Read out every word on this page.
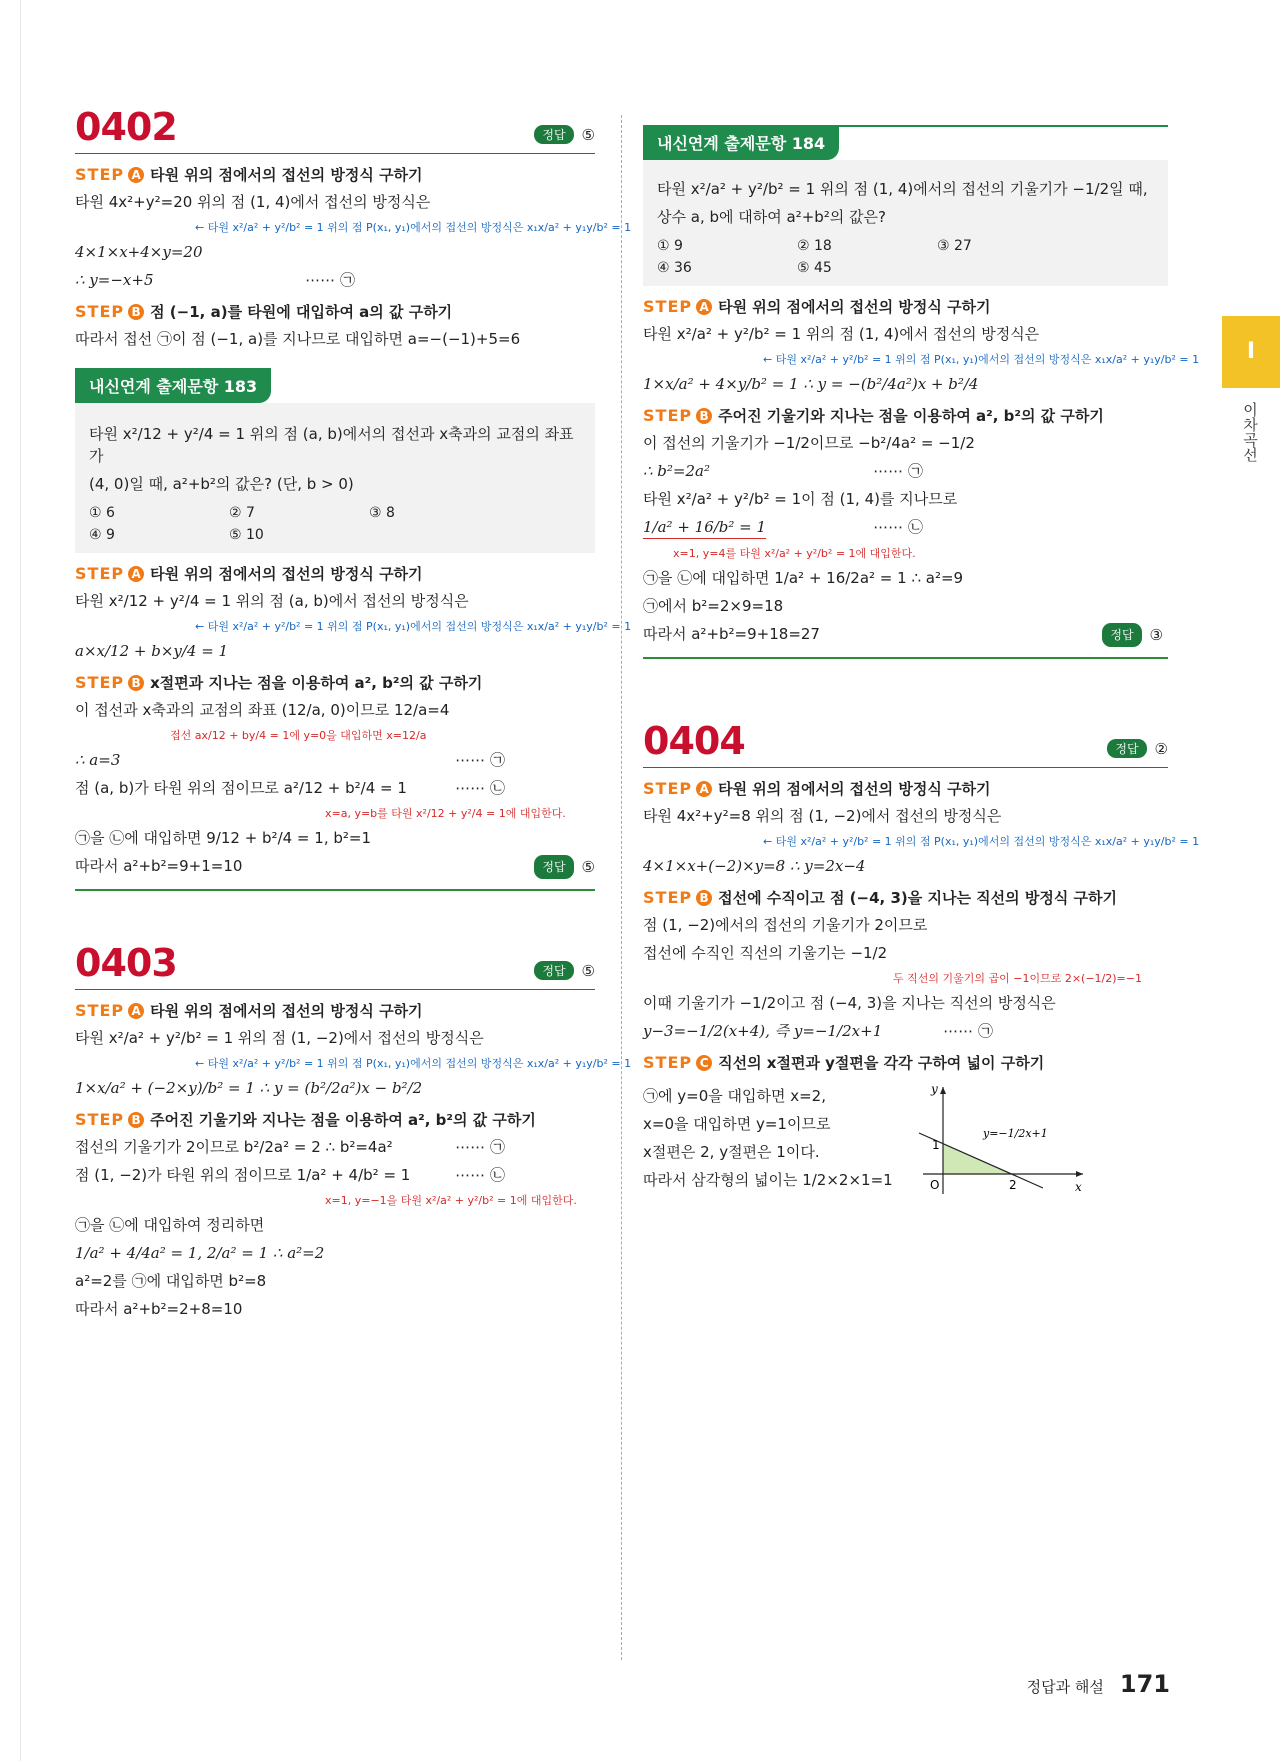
0402	정답	⑤
STEP A 타원 위의 점에서의 접선의 방정식 구하기
타원 4x²+y²=20 위의 점 (1, 4)에서 접선의 방정식은
← 타원 x²/a² + y²/b² = 1 위의 점 P(x₁, y₁)에서의 접선의 방정식은 x₁x/a² + y₁y/b² = 1
4×1×x+4×y=20
∴ y=−x+5	⋯⋯ ㉠
STEP B 점 (−1, a)를 타원에 대입하여 a의 값 구하기
따라서 접선 ㉠이 점 (−1, a)를 지나므로 대입하면 a=−(−1)+5=6
내신연계 출제문항 183
타원 x²/12 + y²/4 = 1 위의 점 (a, b)에서의 접선과 x축과의 교점의 좌표가
(4, 0)일 때, a²+b²의 값은? (단, b > 0)
① 6	② 7	③ 8
④ 9	⑤ 10
STEP A 타원 위의 점에서의 접선의 방정식 구하기
타원 x²/12 + y²/4 = 1 위의 점 (a, b)에서 접선의 방정식은
← 타원 x²/a² + y²/b² = 1 위의 점 P(x₁, y₁)에서의 접선의 방정식은 x₁x/a² + y₁y/b² = 1
a×x/12 + b×y/4 = 1
STEP B x절편과 지나는 점을 이용하여 a², b²의 값 구하기
이 접선과 x축과의 교점의 좌표 (12/a, 0)이므로 12/a=4
접선 ax/12 + by/4 = 1에 y=0을 대입하면 x=12/a
∴ a=3	⋯⋯ ㉠
점 (a, b)가 타원 위의 점이므로 a²/12 + b²/4 = 1	⋯⋯ ㉡
x=a, y=b를 타원 x²/12 + y²/4 = 1에 대입한다.
㉠을 ㉡에 대입하면 9/12 + b²/4 = 1, b²=1
따라서 a²+b²=9+1=10	정답	⑤
0403	정답	⑤
STEP A 타원 위의 점에서의 접선의 방정식 구하기
타원 x²/a² + y²/b² = 1 위의 점 (1, −2)에서 접선의 방정식은
← 타원 x²/a² + y²/b² = 1 위의 점 P(x₁, y₁)에서의 접선의 방정식은 x₁x/a² + y₁y/b² = 1
1×x/a² + (−2×y)/b² = 1 ∴ y = (b²/2a²)x − b²/2
STEP B 주어진 기울기와 지나는 점을 이용하여 a², b²의 값 구하기
접선의 기울기가 2이므로 b²/2a² = 2 ∴ b²=4a²	⋯⋯ ㉠
점 (1, −2)가 타원 위의 점이므로 1/a² + 4/b² = 1	⋯⋯ ㉡
x=1, y=−1을 타원 x²/a² + y²/b² = 1에 대입한다.
㉠을 ㉡에 대입하여 정리하면
1/a² + 4/4a² = 1, 2/a² = 1 ∴ a²=2
a²=2를 ㉠에 대입하면 b²=8
따라서 a²+b²=2+8=10
내신연계 출제문항 184
타원 x²/a² + y²/b² = 1 위의 점 (1, 4)에서의 접선의 기울기가 −1/2일 때,
상수 a, b에 대하여 a²+b²의 값은?
① 9	② 18	③ 27
④ 36	⑤ 45
STEP A 타원 위의 점에서의 접선의 방정식 구하기
타원 x²/a² + y²/b² = 1 위의 점 (1, 4)에서 접선의 방정식은
← 타원 x²/a² + y²/b² = 1 위의 점 P(x₁, y₁)에서의 접선의 방정식은 x₁x/a² + y₁y/b² = 1
1×x/a² + 4×y/b² = 1 ∴ y = −(b²/4a²)x + b²/4
STEP B 주어진 기울기와 지나는 점을 이용하여 a², b²의 값 구하기
이 접선의 기울기가 −1/2이므로 −b²/4a² = −1/2
∴ b²=2a²	⋯⋯ ㉠
타원 x²/a² + y²/b² = 1이 점 (1, 4)를 지나므로
1/a² + 16/b² = 1	⋯⋯ ㉡
x=1, y=4를 타원 x²/a² + y²/b² = 1에 대입한다.
㉠을 ㉡에 대입하면 1/a² + 16/2a² = 1 ∴ a²=9
㉠에서 b²=2×9=18
따라서 a²+b²=9+18=27	정답	③
0404	정답	②
STEP A 타원 위의 점에서의 접선의 방정식 구하기
타원 4x²+y²=8 위의 점 (1, −2)에서 접선의 방정식은
← 타원 x²/a² + y²/b² = 1 위의 점 P(x₁, y₁)에서의 접선의 방정식은 x₁x/a² + y₁y/b² = 1
4×1×x+(−2)×y=8 ∴ y=2x−4
STEP B 접선에 수직이고 점 (−4, 3)을 지나는 직선의 방정식 구하기
점 (1, −2)에서의 접선의 기울기가 2이므로
접선에 수직인 직선의 기울기는 −1/2
두 직선의 기울기의 곱이 −1이므로 2×(−1/2)=−1
이때 기울기가 −1/2이고 점 (−4, 3)을 지나는 직선의 방정식은
y−3=−1/2(x+4), 즉 y=−1/2x+1	⋯⋯ ㉠
STEP C 직선의 x절편과 y절편을 각각 구하여 넓이 구하기
㉠에 y=0을 대입하면 x=2,
x=0을 대입하면 y=1이므로
x절편은 2, y절편은 1이다.
따라서 삼각형의 넓이는 1/2×2×1=1
y
x
O	2
1
y=−1/2x+1
I
이차곡선
정답과 해설 171
